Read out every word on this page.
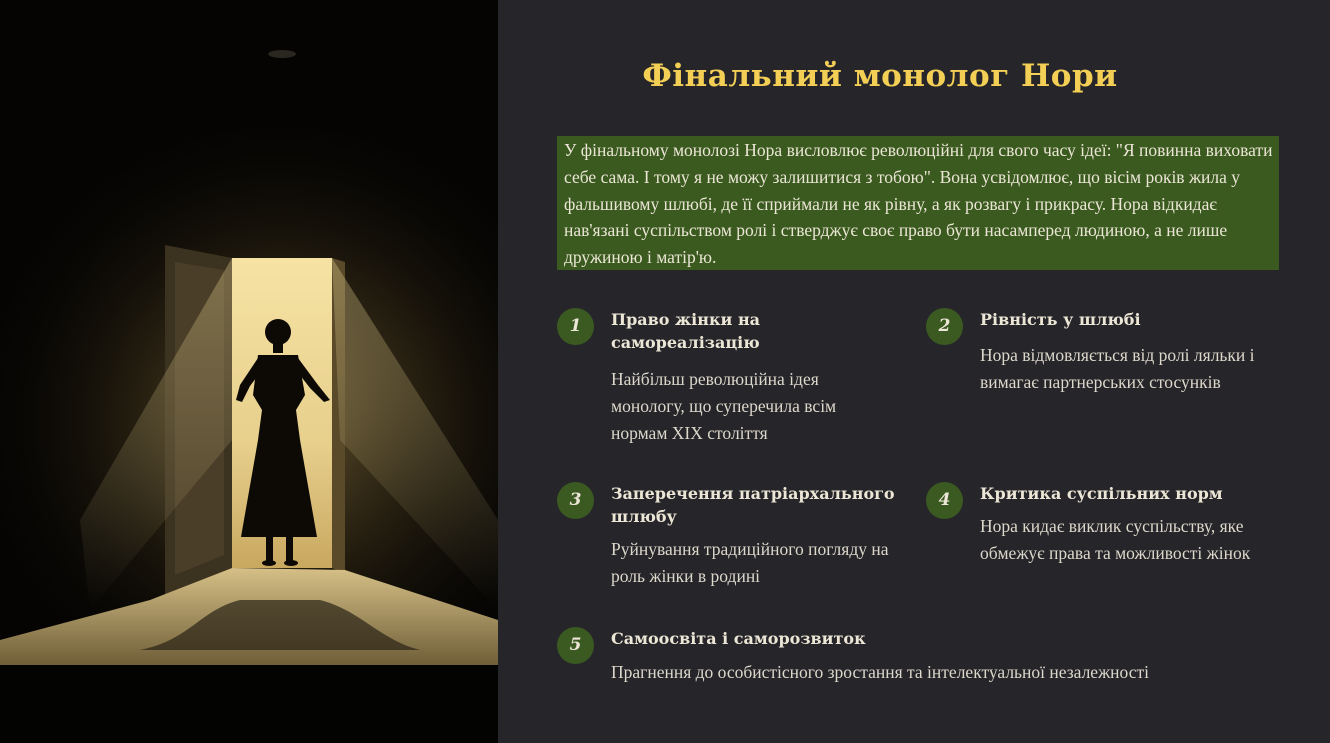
Фінальний монолог Нори
У фінальному монолозі Нора висловлює революційні для свого часу ідеї: "Я повинна виховати себе сама. І тому я не можу залишитися з тобою". Вона усвідомлює, що вісім років жила у фальшивому шлюбі, де її сприймали не як рівну, а як розвагу і прикрасу. Нора відкидає нав'язані суспільством ролі і стверджує своє право бути насамперед людиною, а не лише дружиною і матір'ю.
1	Право жінки на самореалізацію

Найбільш революційна ідея монологу, що суперечила всім нормам XIX століття

2	Рівність у шлюбі

Нора відмовляється від ролі ляльки і вимагає партнерських стосунків

3	Заперечення патріархального шлюбу

Руйнування традиційного погляду на роль жінки в родині

4	Критика суспільних норм

Нора кидає виклик суспільству, яке обмежує права та можливості жінок

5	Самоосвіта і саморозвиток

Прагнення до особистісного зростання та інтелектуальної незалежності
